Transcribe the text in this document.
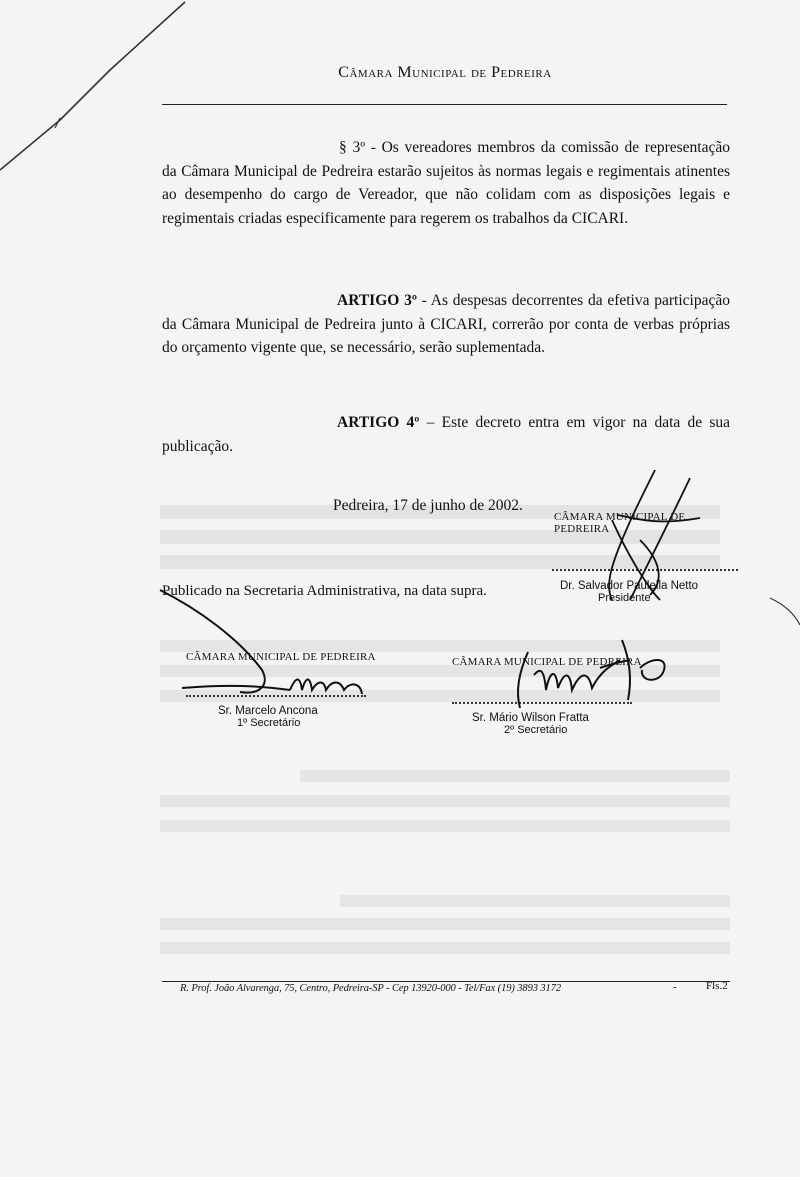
Câmara Municipal de Pedreira
§ 3º - Os vereadores membros da comissão de representação da Câmara Municipal de Pedreira estarão sujeitos às normas legais e regimentais atinentes ao desempenho do cargo de Vereador, que não colidam com as disposições legais e regimentais criadas especificamente para regerem os trabalhos da CICARI.
ARTIGO 3º - As despesas decorrentes da efetiva participação da Câmara Municipal de Pedreira junto à CICARI, correrão por conta de verbas próprias do orçamento vigente que, se necessário, serão suplementada.
ARTIGO 4º – Este decreto entra em vigor na data de sua publicação.
Pedreira, 17 de junho de 2002.
Publicado na Secretaria Administrativa, na data supra.
CÂMARA MUNICIPAL DE PEDREIRA
Dr. Salvador Paulella Netto
Presidente
CÂMARA MUNICIPAL DE PEDREIRA
Sr. Marcelo Ancona
1º Secretário
CÂMARA MUNICIPAL DE PEDREIRA
Sr. Mário Wilson Fratta
2º Secretário
R. Prof. João Alvarenga, 75, Centro, Pedreira-SP - Cep 13920-000 - Tel/Fax (19) 3893 3172	-	Fls.2
